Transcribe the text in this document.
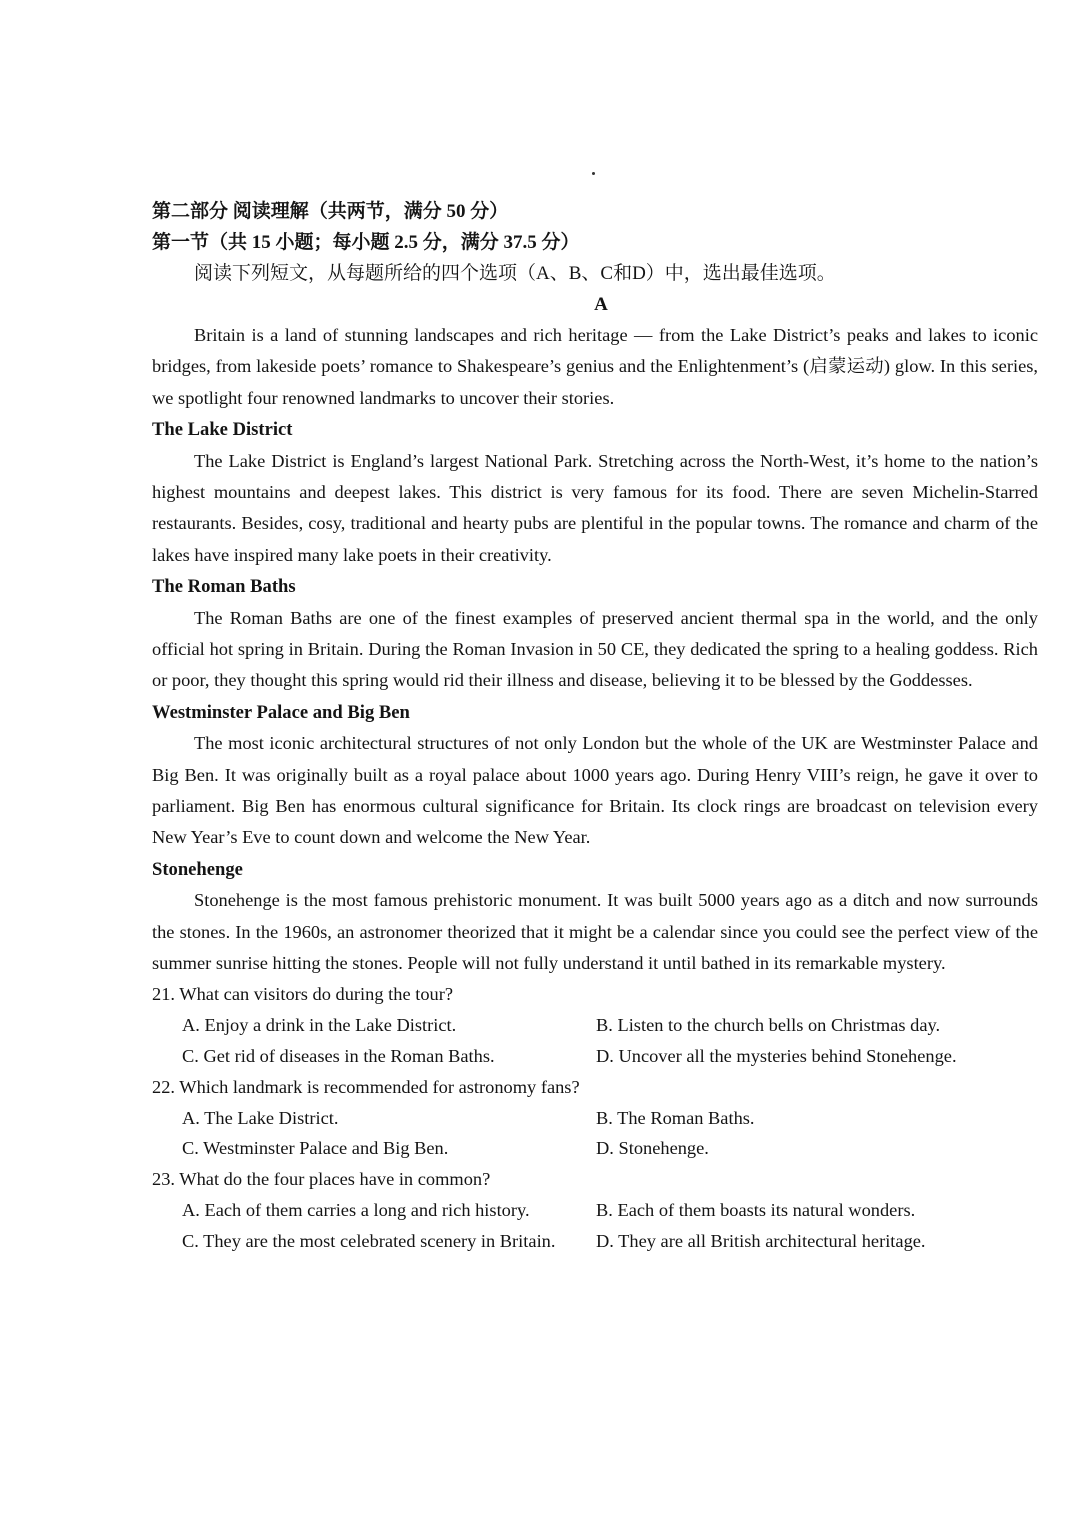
第二部分 阅读理解（共两节，满分 50 分）
第一节（共 15 小题；每小题 2.5 分，满分 37.5 分）
阅读下列短文，从每题所给的四个选项（A、B、C和D）中，选出最佳选项。
A

Britain is a land of stunning landscapes and rich heritage — from the Lake District’s peaks and lakes to iconic bridges, from lakeside poets’ romance to Shakespeare’s genius and the Enlightenment’s (启蒙运动) glow. In this series, we spotlight four renowned landmarks to uncover their stories.

The Lake District

The Lake District is England’s largest National Park. Stretching across the North-West, it’s home to the nation’s highest mountains and deepest lakes. This district is very famous for its food. There are seven Michelin-Starred restaurants. Besides, cosy, traditional and hearty pubs are plentiful in the popular towns. The romance and charm of the lakes have inspired many lake poets in their creativity.

The Roman Baths

The Roman Baths are one of the finest examples of preserved ancient thermal spa in the world, and the only official hot spring in Britain. During the Roman Invasion in 50 CE, they dedicated the spring to a healing goddess. Rich or poor, they thought this spring would rid their illness and disease, believing it to be blessed by the Goddesses.

Westminster Palace and Big Ben

The most iconic architectural structures of not only London but the whole of the UK are Westminster Palace and Big Ben. It was originally built as a royal palace about 1000 years ago. During Henry VIII’s reign, he gave it over to parliament. Big Ben has enormous cultural significance for Britain. Its clock rings are broadcast on television every New Year’s Eve to count down and welcome the New Year.

Stonehenge

Stonehenge is the most famous prehistoric monument. It was built 5000 years ago as a ditch and now surrounds the stones. In the 1960s, an astronomer theorized that it might be a calendar since you could see the perfect view of the summer sunrise hitting the stones. People will not fully understand it until bathed in its remarkable mystery.

21. What can visitors do during the tour?
A. Enjoy a drink in the Lake District.	B. Listen to the church bells on Christmas day.
C. Get rid of diseases in the Roman Baths.	D. Uncover all the mysteries behind Stonehenge.
22. Which landmark is recommended for astronomy fans?
A. The Lake District.	B. The Roman Baths.
C. Westminster Palace and Big Ben.	D. Stonehenge.
23. What do the four places have in common?
A. Each of them carries a long and rich history.	B. Each of them boasts its natural wonders.
C. They are the most celebrated scenery in Britain.	D. They are all British architectural heritage.
